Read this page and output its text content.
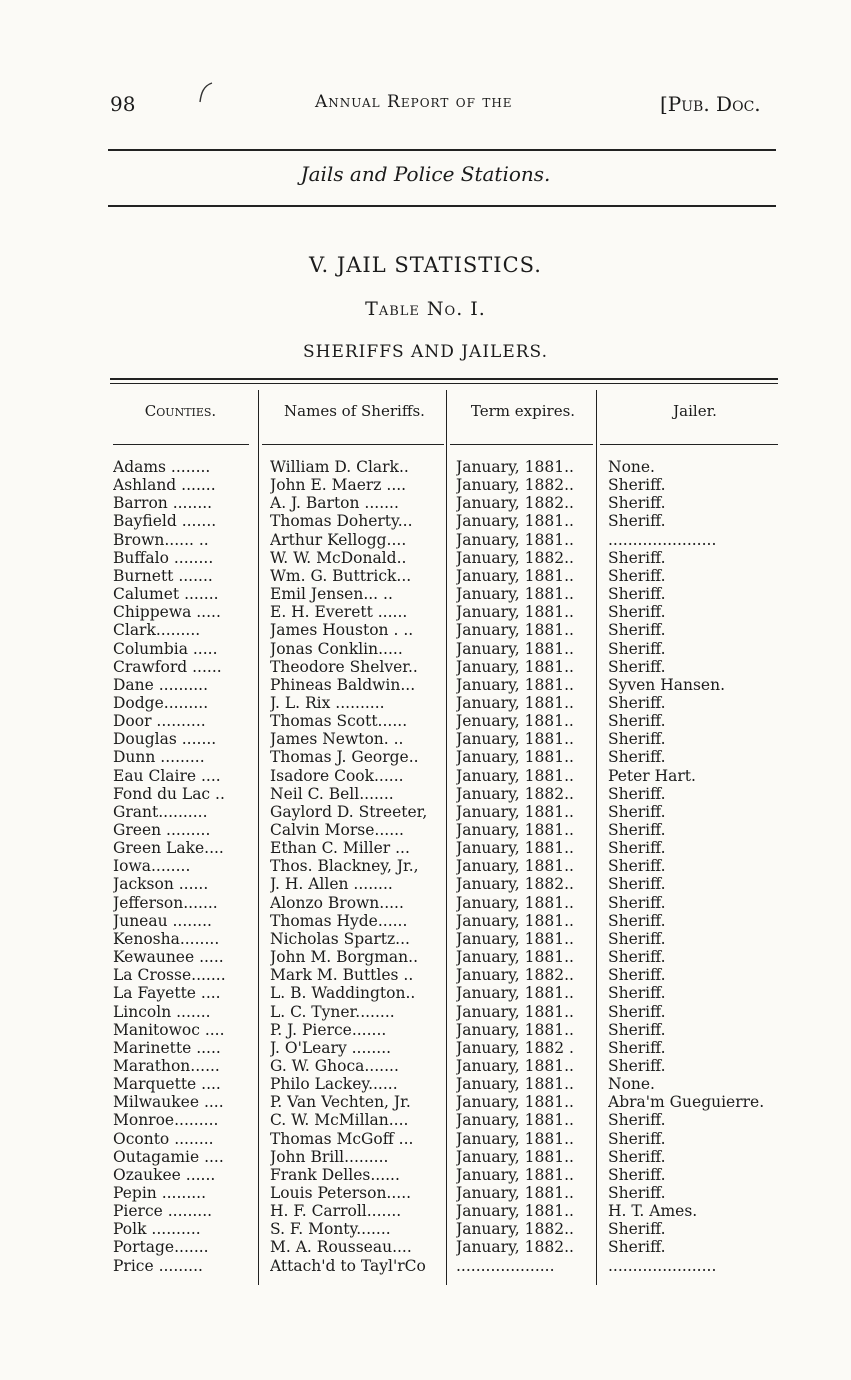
98	Annual Report of the	[Pub. Doc.
Jails and Police Stations.
V. JAIL STATISTICS.
Table No. I.
SHERIFFS AND JAILERS.
Counties.	Names of Sheriffs.	Term expires.	Jailer.
Adams ........	William D. Clark..	January, 1881..	None.
Ashland .......	John E. Maerz ....	January, 1882..	Sheriff.
Barron ........	A. J. Barton .......	January, 1882..	Sheriff.
Bayfield .......	Thomas Doherty...	January, 1881..	Sheriff.
Brown...... ..	Arthur Kellogg....	January, 1881..	......................
Buffalo ........	W. W. McDonald..	January, 1882..	Sheriff.
Burnett .......	Wm. G. Buttrick...	January, 1881..	Sheriff.
Calumet .......	Emil Jensen... ..	January, 1881..	Sheriff.
Chippewa .....	E. H. Everett ......	January, 1881..	Sheriff.
Clark.........	James Houston . ..	January, 1881..	Sheriff.
Columbia .....	Jonas Conklin.....	January, 1881..	Sheriff.
Crawford ......	Theodore Shelver..	January, 1881..	Sheriff.
Dane ..........	Phineas Baldwin...	January, 1881..	Syven Hansen.
Dodge.........	J. L. Rix ..........	January, 1881..	Sheriff.
Door ..........	Thomas Scott......	Jenuary, 1881..	Sheriff.
Douglas .......	James Newton. ..	January, 1881..	Sheriff.
Dunn .........	Thomas J. George..	January, 1881..	Sheriff.
Eau Claire ....	Isadore Cook......	January, 1881..	Peter Hart.
Fond du Lac ..	Neil C. Bell.......	January, 1882..	Sheriff.
Grant..........	Gaylord D. Streeter,	January, 1881..	Sheriff.
Green .........	Calvin Morse......	January, 1881..	Sheriff.
Green Lake....	Ethan C. Miller ...	January, 1881..	Sheriff.
Iowa........	Thos. Blackney, Jr.,	January, 1881..	Sheriff.
Jackson ......	J. H. Allen ........	January, 1882..	Sheriff.
Jefferson.......	Alonzo Brown.....	January, 1881..	Sheriff.
Juneau ........	Thomas Hyde......	January, 1881..	Sheriff.
Kenosha........	Nicholas Spartz...	January, 1881..	Sheriff.
Kewaunee .....	John M. Borgman..	January, 1881..	Sheriff.
La Crosse.......	Mark M. Buttles ..	January, 1882..	Sheriff.
La Fayette ....	L. B. Waddington..	January, 1881..	Sheriff.
Lincoln .......	L. C. Tyner........	January, 1881..	Sheriff.
Manitowoc ....	P. J. Pierce.......	January, 1881..	Sheriff.
Marinette .....	J. O'Leary ........	January, 1882 .	Sheriff.
Marathon......	G. W. Ghoca.......	January, 1881..	Sheriff.
Marquette ....	Philo Lackey......	January, 1881..	None.
Milwaukee ....	P. Van Vechten, Jr.	January, 1881..	Abra'm Gueguierre.
Monroe.........	C. W. McMillan....	January, 1881..	Sheriff.
Oconto ........	Thomas McGoff ...	January, 1881..	Sheriff.
Outagamie ....	John Brill.........	January, 1881..	Sheriff.
Ozaukee ......	Frank Delles......	January, 1881..	Sheriff.
Pepin .........	Louis Peterson.....	January, 1881..	Sheriff.
Pierce .........	H. F. Carroll.......	January, 1881..	H. T. Ames.
Polk ..........	S. F. Monty.......	January, 1882..	Sheriff.
Portage.......	M. A. Rousseau....	January, 1882..	Sheriff.
Price .........	Attach'd to Tayl'rCo	....................	......................
